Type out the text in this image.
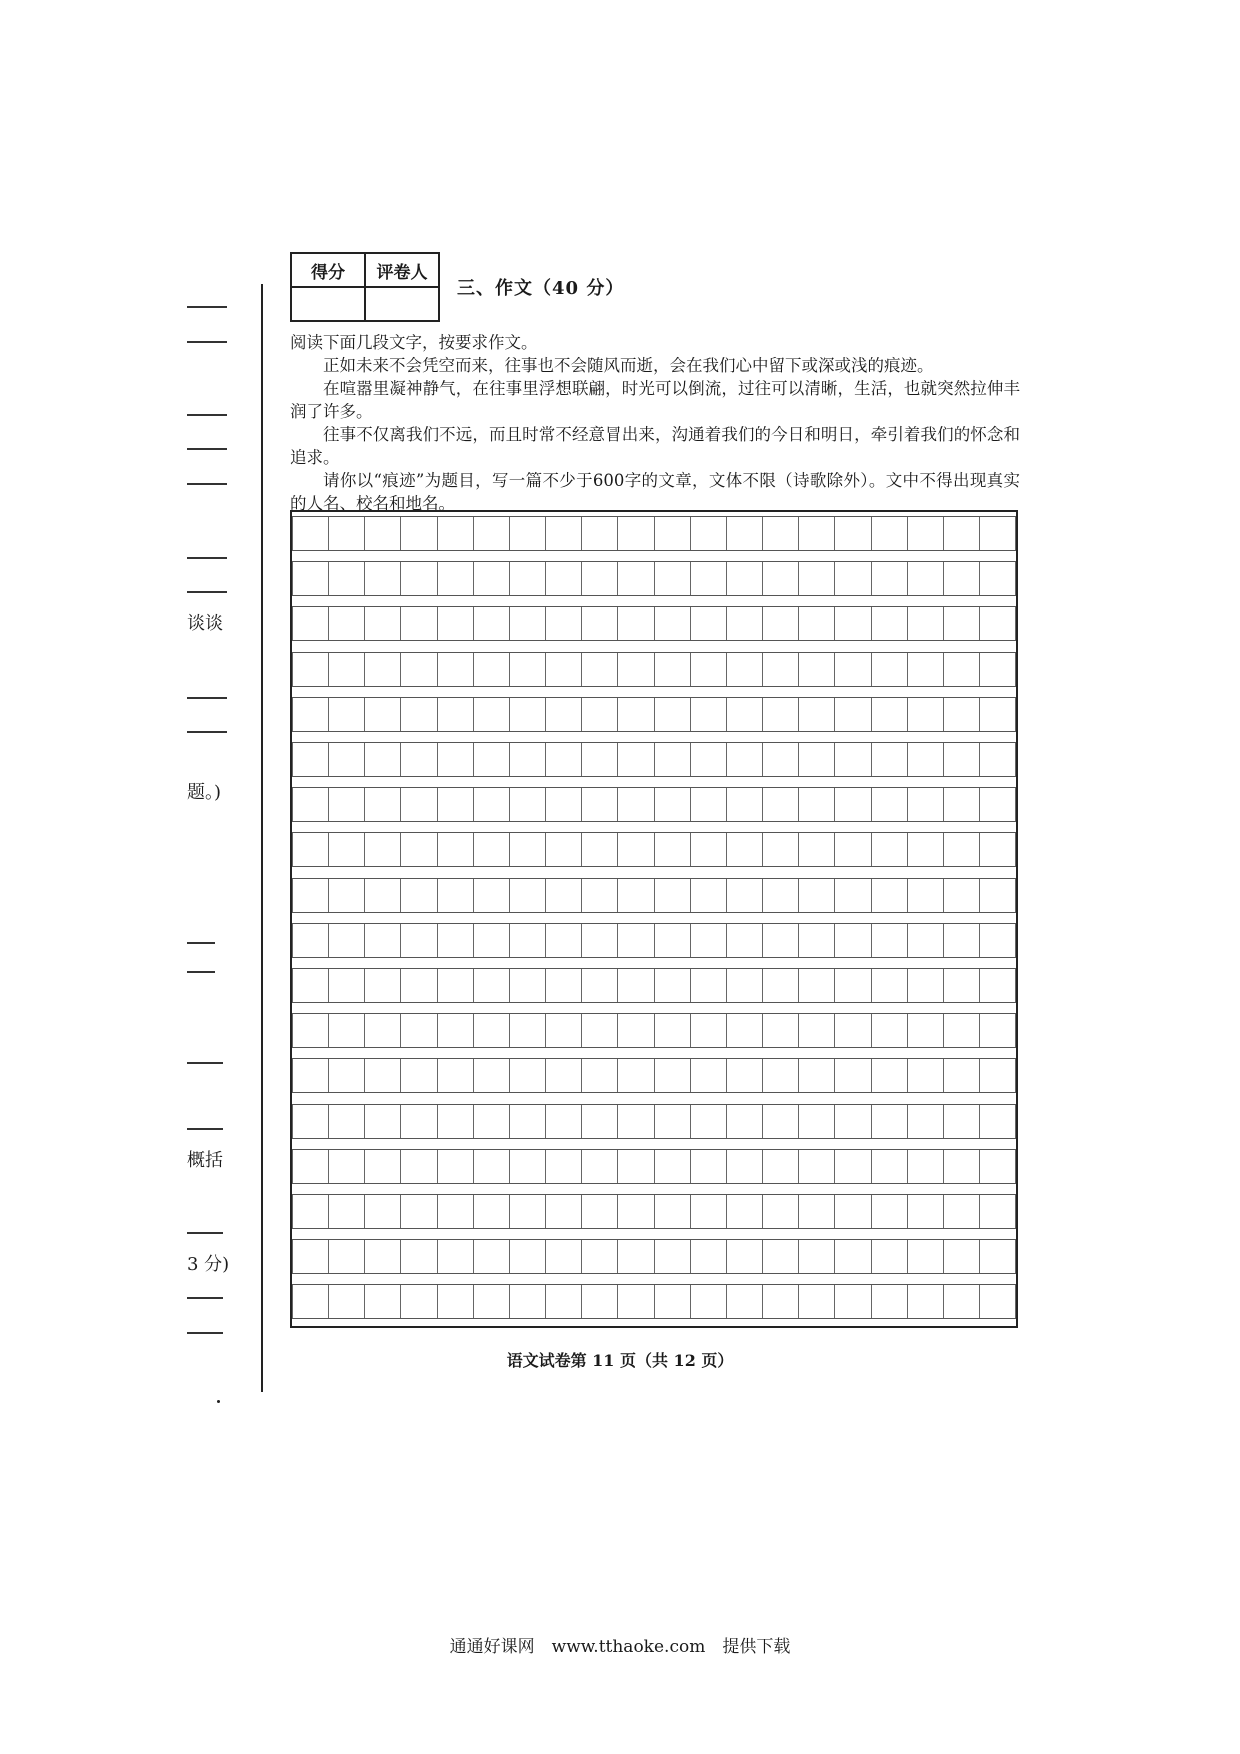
谈谈
题。)
概括
3 分)
得分	评卷人

三、作文（40 分）

阅读下面几段文字，按要求作文。

正如未来不会凭空而来，往事也不会随风而逝，会在我们心中留下或深或浅的痕迹。

在喧嚣里凝神静气，在往事里浮想联翩，时光可以倒流，过往可以清晰，生活，也就突然拉伸丰润了许多。

往事不仅离我们不远，而且时常不经意冒出来，沟通着我们的今日和明日，牵引着我们的怀念和追求。

请你以“痕迹”为题目，写一篇不少于600字的文章，文体不限（诗歌除外）。文中不得出现真实的人名、校名和地名。

语文试卷第 11 页（共 12 页）
通通好课网　www.tthaoke.com　提供下载
